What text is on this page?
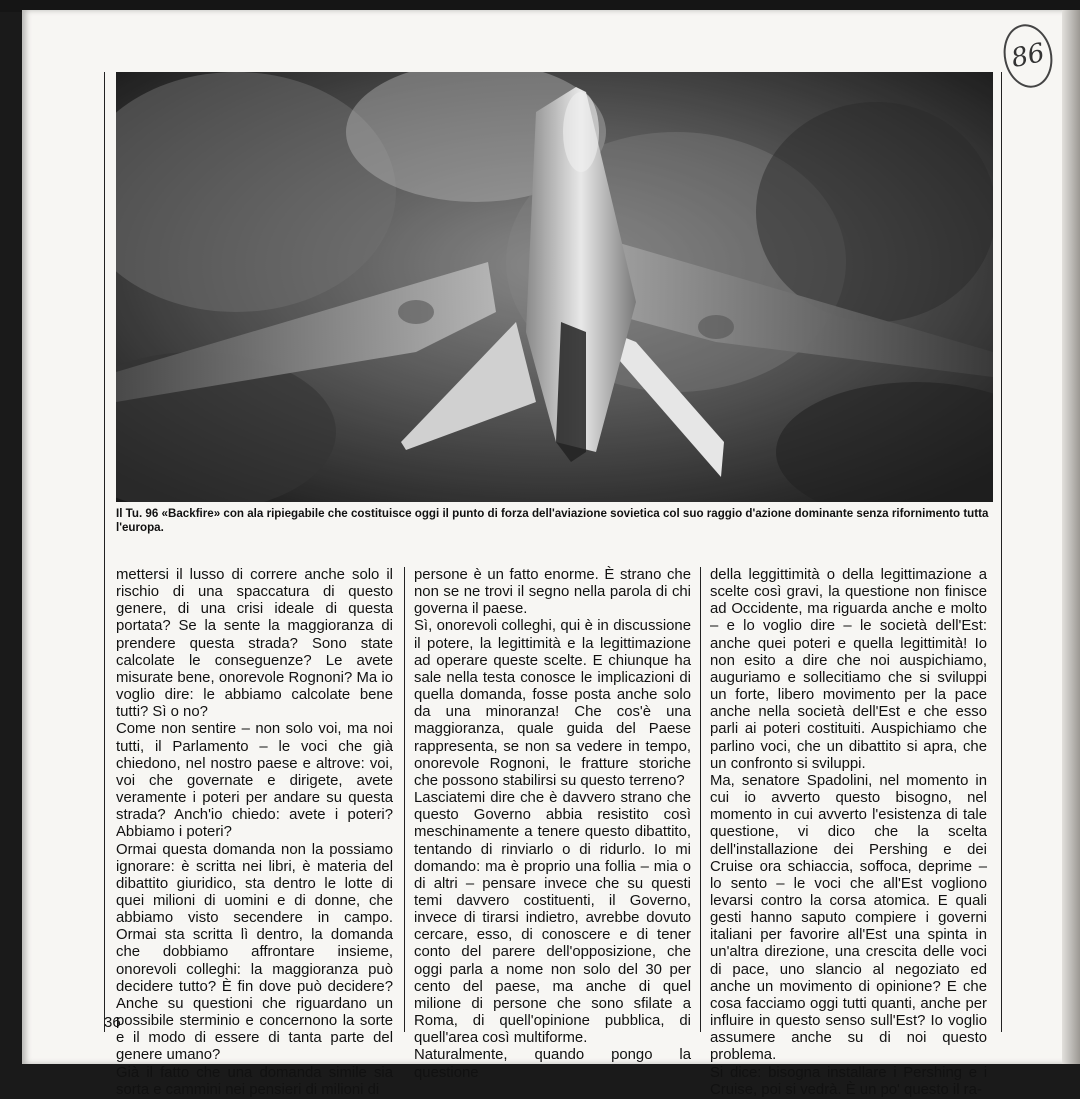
86
Il Tu. 96 «Backfire» con ala ripiegabile che costituisce oggi il punto di forza dell'aviazione sovietica col suo raggio d'azione dominante senza rifornimento tutta l'europa.

mettersi il lusso di correre anche solo il rischio di una spaccatura di questo genere, di una crisi ideale di questa portata? Se la sente la maggioranza di prendere questa strada? Sono state calcolate le conseguenze? Le avete misurate bene, onorevole Rognoni? Ma io voglio dire: le abbiamo calcolate bene tutti? Sì o no?

Come non sentire – non solo voi, ma noi tutti, il Parlamento – le voci che già chiedono, nel nostro paese e altrove: voi, voi che governate e dirigete, avete veramente i poteri per andare su questa strada? Anch'io chiedo: avete i poteri? Abbiamo i poteri?

Ormai questa domanda non la possiamo ignorare: è scritta nei libri, è materia del dibattito giuridico, sta dentro le lotte di quei milioni di uomini e di donne, che abbiamo visto secendere in campo. Ormai sta scritta lì dentro, la domanda che dobbiamo affrontare insieme, onorevoli colleghi: la maggioranza può decidere tutto? È fin dove può decidere? Anche su questioni che riguardano un possibile sterminio e concernono la sorte e il modo di essere di tanta parte del genere umano?

Già il fatto che una domanda simile sia sorta e cammini nei pensieri di milioni di

persone è un fatto enorme. È strano che non se ne trovi il segno nella parola di chi governa il paese.

Sì, onorevoli colleghi, qui è in discussione il potere, la legittimità e la legittimazione ad operare queste scelte. E chiunque ha sale nella testa conosce le implicazioni di quella domanda, fosse posta anche solo da una minoranza! Che cos'è una maggioranza, quale guida del Paese rappresenta, se non sa vedere in tempo, onorevole Rognoni, le fratture storiche che possono stabilirsi su questo terreno?

Lasciatemi dire che è davvero strano che questo Governo abbia resistito così meschinamente a tenere questo dibattito, tentando di rinviarlo o di ridurlo. Io mi domando: ma è proprio una follia – mia o di altri – pensare invece che su questi temi davvero costituenti, il Governo, invece di tirarsi indietro, avrebbe dovuto cercare, esso, di conoscere e di tener conto del parere dell'opposizione, che oggi parla a nome non solo del 30 per cento del paese, ma anche di quel milione di persone che sono sfilate a Roma, di quell'opinione pubblica, di quell'area così multiforme.

Naturalmente, quando pongo la questione

della leggittimità o della legittimazione a scelte così gravi, la questione non finisce ad Occidente, ma riguarda anche e molto – e lo voglio dire – le società dell'Est: anche quei poteri e quella legittimità! Io non esito a dire che noi auspichiamo, auguriamo e sollecitiamo che si sviluppi un forte, libero movimento per la pace anche nella società dell'Est e che esso parli ai poteri costituiti. Auspichiamo che parlino voci, che un dibattito si apra, che un confronto si sviluppi.

Ma, senatore Spadolini, nel momento in cui io avverto questo bisogno, nel momento in cui avverto l'esistenza di tale questione, vi dico che la scelta dell'installazione dei Pershing e dei Cruise ora schiaccia, soffoca, deprime – lo sento – le voci che all'Est vogliono levarsi contro la corsa atomica. E quali gesti hanno saputo compiere i governi italiani per favorire all'Est una spinta in un'altra direzione, una crescita delle voci di pace, uno slancio al negoziato ed anche un movimento di opinione? E che cosa facciamo oggi tutti quanti, anche per influire in questo senso sull'Est? Io voglio assumere anche su di noi questo problema.

Si dice: bisogna installare i Pershing e i Cruise, poi si vedrà. È un po' questo il ra-

36
